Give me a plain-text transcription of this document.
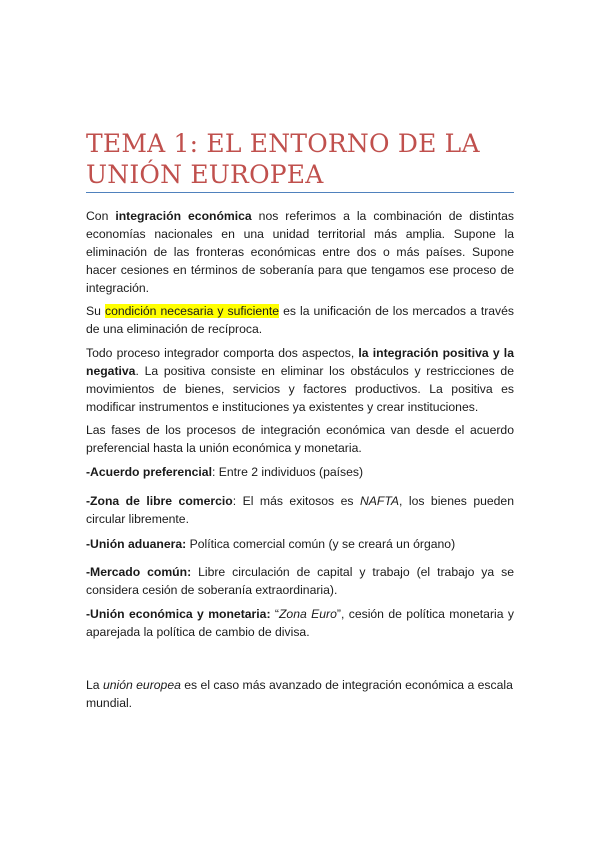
TEMA 1: EL ENTORNO DE LA UNIÓN EUROPEA

Con integración económica nos referimos a la combinación de distintas economías nacionales en una unidad territorial más amplia. Supone la eliminación de las fronteras económicas entre dos o más países. Supone hacer cesiones en términos de soberanía para que tengamos ese proceso de integración.

Su condición necesaria y suficiente es la unificación de los mercados a través de una eliminación de recíproca.

Todo proceso integrador comporta dos aspectos, la integración positiva y la negativa. La positiva consiste en eliminar los obstáculos y restricciones de movimientos de bienes, servicios y factores productivos. La positiva es modificar instrumentos e instituciones ya existentes y crear instituciones.

Las fases de los procesos de integración económica van desde el acuerdo preferencial hasta la unión económica y monetaria.

-Acuerdo preferencial: Entre 2 individuos (países)

-Zona de libre comercio: El más exitosos es NAFTA, los bienes pueden circular libremente.

-Unión aduanera: Política comercial común (y se creará un órgano)

-Mercado común: Libre circulación de capital y trabajo (el trabajo ya se considera cesión de soberanía extraordinaria).

-Unión económica y monetaria: “Zona Euro”, cesión de política monetaria y aparejada la política de cambio de divisa.

La unión europea es el caso más avanzado de integración económica a escala mundial.
